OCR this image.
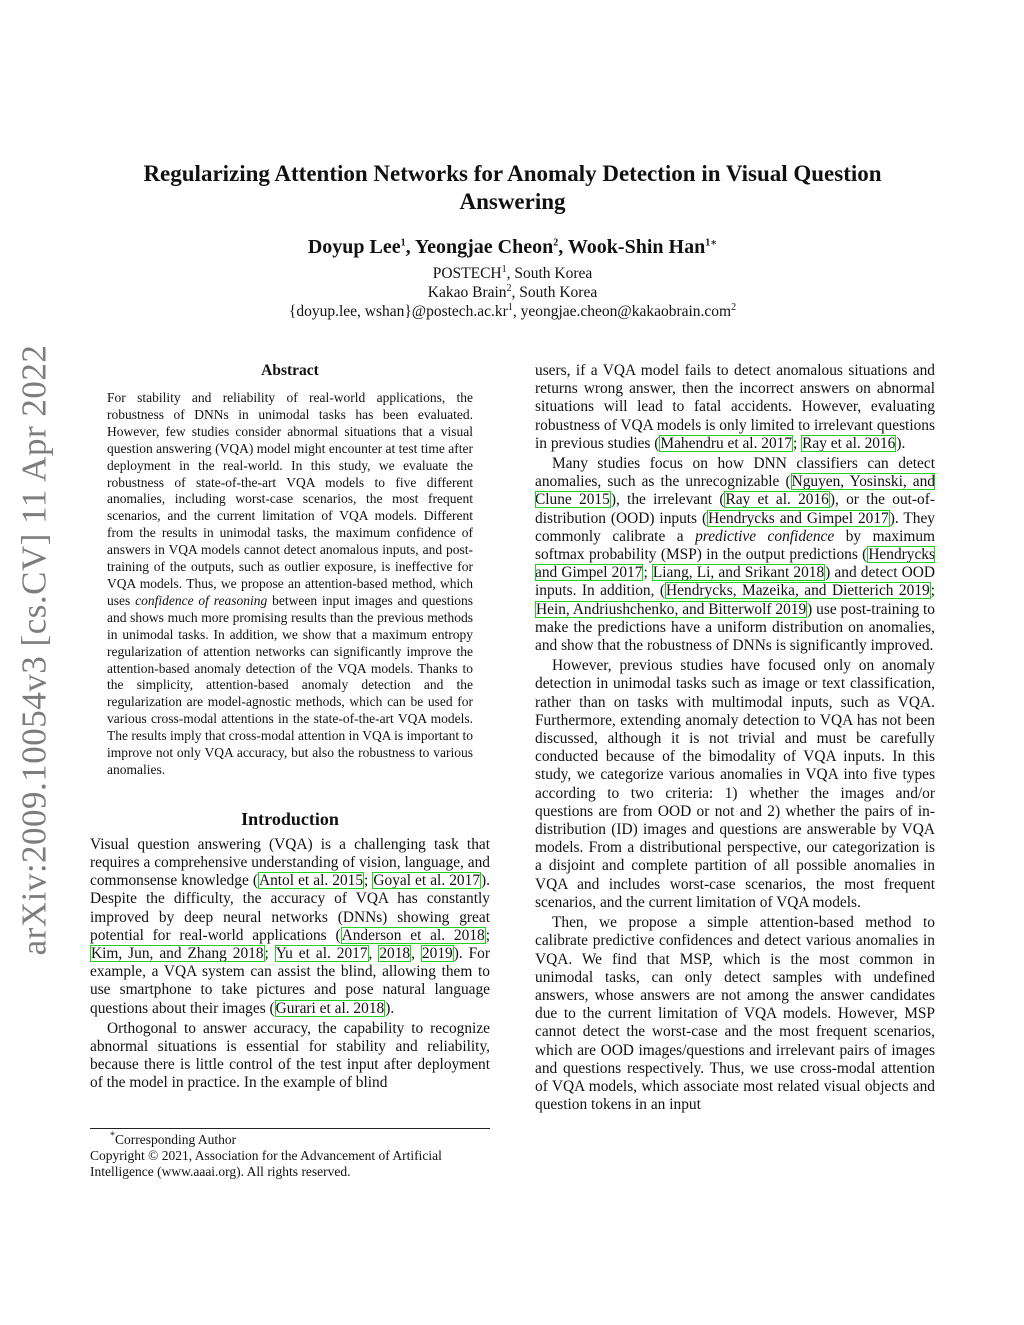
arXiv:2009.10054v3 [cs.CV] 11 Apr 2022
Regularizing Attention Networks for Anomaly Detection in Visual Question
Answering

Doyup Lee$^1$, Yeongjae Cheon$^2$, Wook-Shin Han$^{1∗}$

POSTECH$^1$, South Korea
Kakao Brain$^2$, South Korea
{doyup.lee, $wshan\}@postech.ac.kr^1$, yeongjae.cheon@kakaobrain.com$^2$
Abstract
For stability and reliability of real-world applications, the robustness of DNNs in unimodal tasks has been evaluated. However, few studies consider abnormal situations that a visual question answering (VQA) model might encounter at test time after deployment in the real-world. In this study, we evaluate the robustness of state-of-the-art VQA models to five different anomalies, including worst-case scenarios, the most frequent scenarios, and the current limitation of VQA models. Different from the results in unimodal tasks, the maximum confidence of answers in VQA models cannot detect anomalous inputs, and post-training of the outputs, such as outlier exposure, is ineffective for VQA models. Thus, we propose an attention-based method, which uses confidence of reasoning between input images and questions and shows much more promising results than the previous methods in unimodal tasks. In addition, we show that a maximum entropy regularization of attention networks can significantly improve the attention-based anomaly detection of the VQA models. Thanks to the simplicity, attention-based anomaly detection and the regularization are model-agnostic methods, which can be used for various cross-modal attentions in the state-of-the-art VQA models. The results imply that cross-modal attention in VQA is important to improve not only VQA accuracy, but also the robustness to various anomalies.
Introduction

Visual question answering (VQA) is a challenging task that requires a comprehensive understanding of vision, language, and commonsense knowledge (Antol et al. 2015; Goyal et al. 2017). Despite the difficulty, the accuracy of VQA has constantly improved by deep neural networks (DNNs) showing great potential for real-world applications (Anderson et al. 2018; Kim, Jun, and Zhang 2018; Yu et al. 2017, 2018, 2019). For example, a VQA system can assist the blind, allowing them to use smartphone to take pictures and pose natural language questions about their images (Gurari et al. 2018).

Orthogonal to answer accuracy, the capability to recognize abnormal situations is essential for stability and reliability, because there is little control of the test input after deployment of the model in practice. In the example of blind

*Corresponding Author

Copyright © 2021, Association for the Advancement of Artificial Intelligence (www.aaai.org). All rights reserved.

users, if a VQA model fails to detect anomalous situations and returns wrong answer, then the incorrect answers on abnormal situations will lead to fatal accidents. However, evaluating robustness of VQA models is only limited to irrelevant questions in previous studies (Mahendru et al. 2017; Ray et al. 2016).

Many studies focus on how DNN classifiers can detect anomalies, such as the unrecognizable (Nguyen, Yosinski, and Clune 2015), the irrelevant (Ray et al. 2016), or the out-of-distribution (OOD) inputs (Hendrycks and Gimpel 2017). They commonly calibrate a predictive confidence by maximum softmax probability (MSP) in the output predictions (Hendrycks and Gimpel 2017; Liang, Li, and Srikant 2018) and detect OOD inputs. In addition, (Hendrycks, Mazeika, and Dietterich 2019; Hein, Andriushchenko, and Bitterwolf 2019) use post-training to make the predictions have a uniform distribution on anomalies, and show that the robustness of DNNs is significantly improved.

However, previous studies have focused only on anomaly detection in unimodal tasks such as image or text classification, rather than on tasks with multimodal inputs, such as VQA. Furthermore, extending anomaly detection to VQA has not been discussed, although it is not trivial and must be carefully conducted because of the bimodality of VQA inputs. In this study, we categorize various anomalies in VQA into five types according to two criteria: 1) whether the images and/or questions are from OOD or not and 2) whether the pairs of in-distribution (ID) images and questions are answerable by VQA models. From a distributional perspective, our categorization is a disjoint and complete partition of all possible anomalies in VQA and includes worst-case scenarios, the most frequent scenarios, and the current limitation of VQA models.

Then, we propose a simple attention-based method to calibrate predictive confidences and detect various anomalies in VQA. We find that MSP, which is the most common in unimodal tasks, can only detect samples with undefined answers, whose answers are not among the answer candidates due to the current limitation of VQA models. However, MSP cannot detect the worst-case and the most frequent scenarios, which are OOD images/questions and irrelevant pairs of images and questions respectively. Thus, we use cross-modal attention of VQA models, which associate most related visual objects and question tokens in an input
